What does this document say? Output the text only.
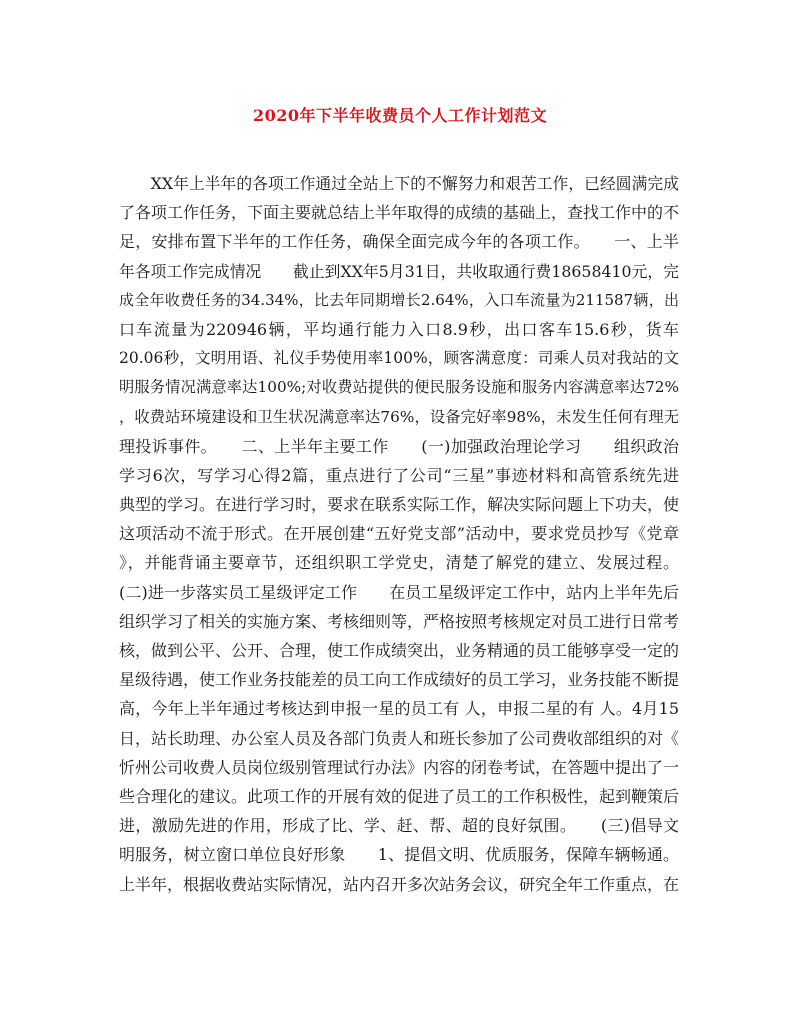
2020年下半年收费员个人工作计划范文
　　XX年上半年的各项工作通过全站上下的不懈努力和艰苦工作，已经圆满完成
了各项工作任务，下面主要就总结上半年取得的成绩的基础上，查找工作中的不
足，安排布置下半年的工作任务，确保全面完成今年的各项工作。　　一、上半
年各项工作完成情况　　截止到XX年5月31日，共收取通行费18658410元，完
成全年收费任务的34.34%，比去年同期增长2.64%，入口车流量为211587辆，出
口车流量为220946辆，平均通行能力入口8.9秒，出口客车15.6秒，货车
20.06秒，文明用语、礼仪手势使用率100%，顾客满意度：司乘人员对我站的文
明服务情况满意率达100%;对收费站提供的便民服务设施和服务内容满意率达72%
，收费站环境建设和卫生状况满意率达76%，设备完好率98%，未发生任何有理无
理投诉事件。　　二、上半年主要工作　　(一)加强政治理论学习　　组织政治
学习6次，写学习心得2篇，重点进行了公司“三星”事迹材料和高管系统先进
典型的学习。在进行学习时，要求在联系实际工作，解决实际问题上下功夫，使
这项活动不流于形式。在开展创建“五好党支部”活动中，要求党员抄写《党章
》，并能背诵主要章节，还组织职工学党史，清楚了解党的建立、发展过程。
(二)进一步落实员工星级评定工作　　在员工星级评定工作中，站内上半年先后
组织学习了相关的实施方案、考核细则等，严格按照考核规定对员工进行日常考
核，做到公平、公开、合理，使工作成绩突出，业务精通的员工能够享受一定的
星级待遇，使工作业务技能差的员工向工作成绩好的员工学习，业务技能不断提
高，今年上半年通过考核达到申报一星的员工有 人，申报二星的有 人。4月15
日，站长助理、办公室人员及各部门负责人和班长参加了公司费收部组织的对《
忻州公司收费人员岗位级别管理试行办法》内容的闭卷考试，在答题中提出了一
些合理化的建议。此项工作的开展有效的促进了员工的工作积极性，起到鞭策后
进，激励先进的作用，形成了比、学、赶、帮、超的良好氛围。　　(三)倡导文
明服务，树立窗口单位良好形象　　1、提倡文明、优质服务，保障车辆畅通。
上半年，根据收费站实际情况，站内召开多次站务会议，研究全年工作重点，在
